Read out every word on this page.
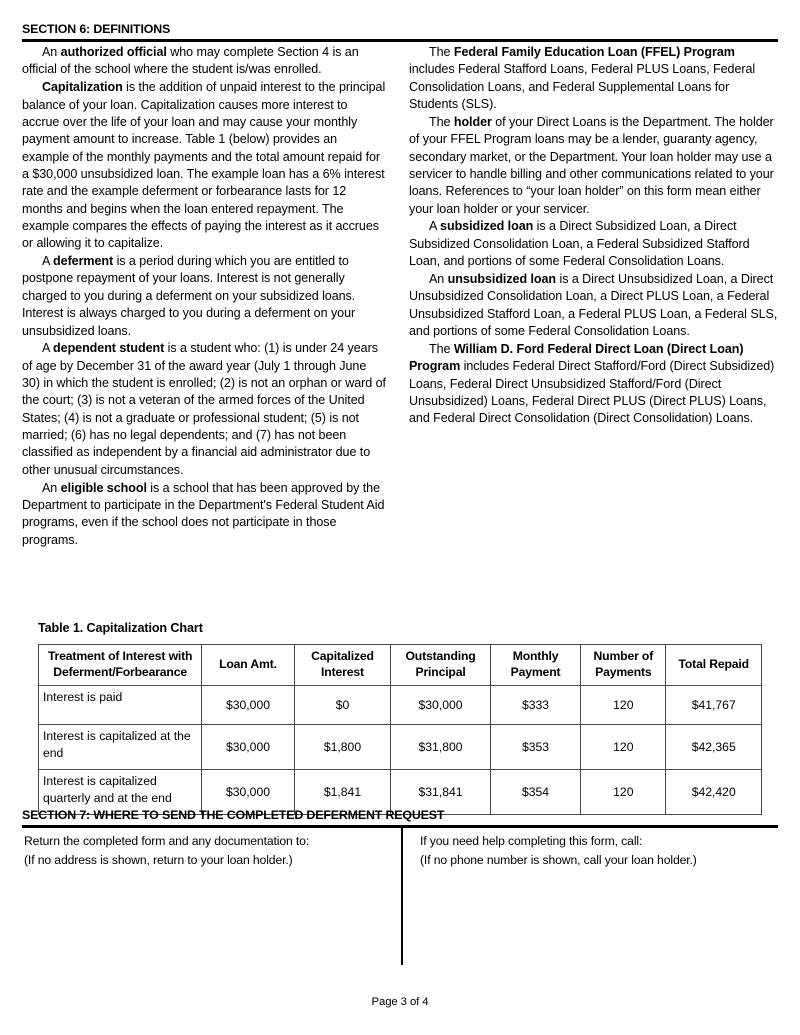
SECTION 6: DEFINITIONS

An authorized official who may complete Section 4 is an official of the school where the student is/was enrolled.

Capitalization is the addition of unpaid interest to the principal balance of your loan. Capitalization causes more interest to accrue over the life of your loan and may cause your monthly payment amount to increase. Table 1 (below) provides an example of the monthly payments and the total amount repaid for a $30,000 unsubsidized loan. The example loan has a 6% interest rate and the example deferment or forbearance lasts for 12 months and begins when the loan entered repayment. The example compares the effects of paying the interest as it accrues or allowing it to capitalize.

A deferment is a period during which you are entitled to postpone repayment of your loans. Interest is not generally charged to you during a deferment on your subsidized loans. Interest is always charged to you during a deferment on your unsubsidized loans.

A dependent student is a student who: (1) is under 24 years of age by December 31 of the award year (July 1 through June 30) in which the student is enrolled; (2) is not an orphan or ward of the court; (3) is not a veteran of the armed forces of the United States; (4) is not a graduate or professional student; (5) is not married; (6) has no legal dependents; and (7) has not been classified as independent by a financial aid administrator due to other unusual circumstances.

An eligible school is a school that has been approved by the Department to participate in the Department's Federal Student Aid programs, even if the school does not participate in those programs.

The Federal Family Education Loan (FFEL) Program includes Federal Stafford Loans, Federal PLUS Loans, Federal Consolidation Loans, and Federal Supplemental Loans for Students (SLS).

The holder of your Direct Loans is the Department. The holder of your FFEL Program loans may be a lender, guaranty agency, secondary market, or the Department. Your loan holder may use a servicer to handle billing and other communications related to your loans. References to “your loan holder” on this form mean either your loan holder or your servicer.

A subsidized loan is a Direct Subsidized Loan, a Direct Subsidized Consolidation Loan, a Federal Subsidized Stafford Loan, and portions of some Federal Consolidation Loans.

An unsubsidized loan is a Direct Unsubsidized Loan, a Direct Unsubsidized Consolidation Loan, a Direct PLUS Loan, a Federal Unsubsidized Stafford Loan, a Federal PLUS Loan, a Federal SLS, and portions of some Federal Consolidation Loans.

The William D. Ford Federal Direct Loan (Direct Loan) Program includes Federal Direct Stafford/Ford (Direct Subsidized) Loans, Federal Direct Unsubsidized Stafford/Ford (Direct Unsubsidized) Loans, Federal Direct PLUS (Direct PLUS) Loans, and Federal Direct Consolidation (Direct Consolidation) Loans.

Table 1. Capitalization Chart
Treatment of Interest with Deferment/Forbearance	Loan Amt.	Capitalized Interest	Outstanding Principal	Monthly Payment	Number of Payments	Total Repaid
Interest is paid	$30,000	$0	$30,000	$333	120	$41,767
Interest is capitalized at the end	$30,000	$1,800	$31,800	$353	120	$42,365
Interest is capitalized quarterly and at the end	$30,000	$1,841	$31,841	$354	120	$42,420
SECTION 7: WHERE TO SEND THE COMPLETED DEFERMENT REQUEST
Return the completed form and any documentation to:
(If no address is shown, return to your loan holder.)
If you need help completing this form, call:
(If no phone number is shown, call your loan holder.)
Page 3 of 4
